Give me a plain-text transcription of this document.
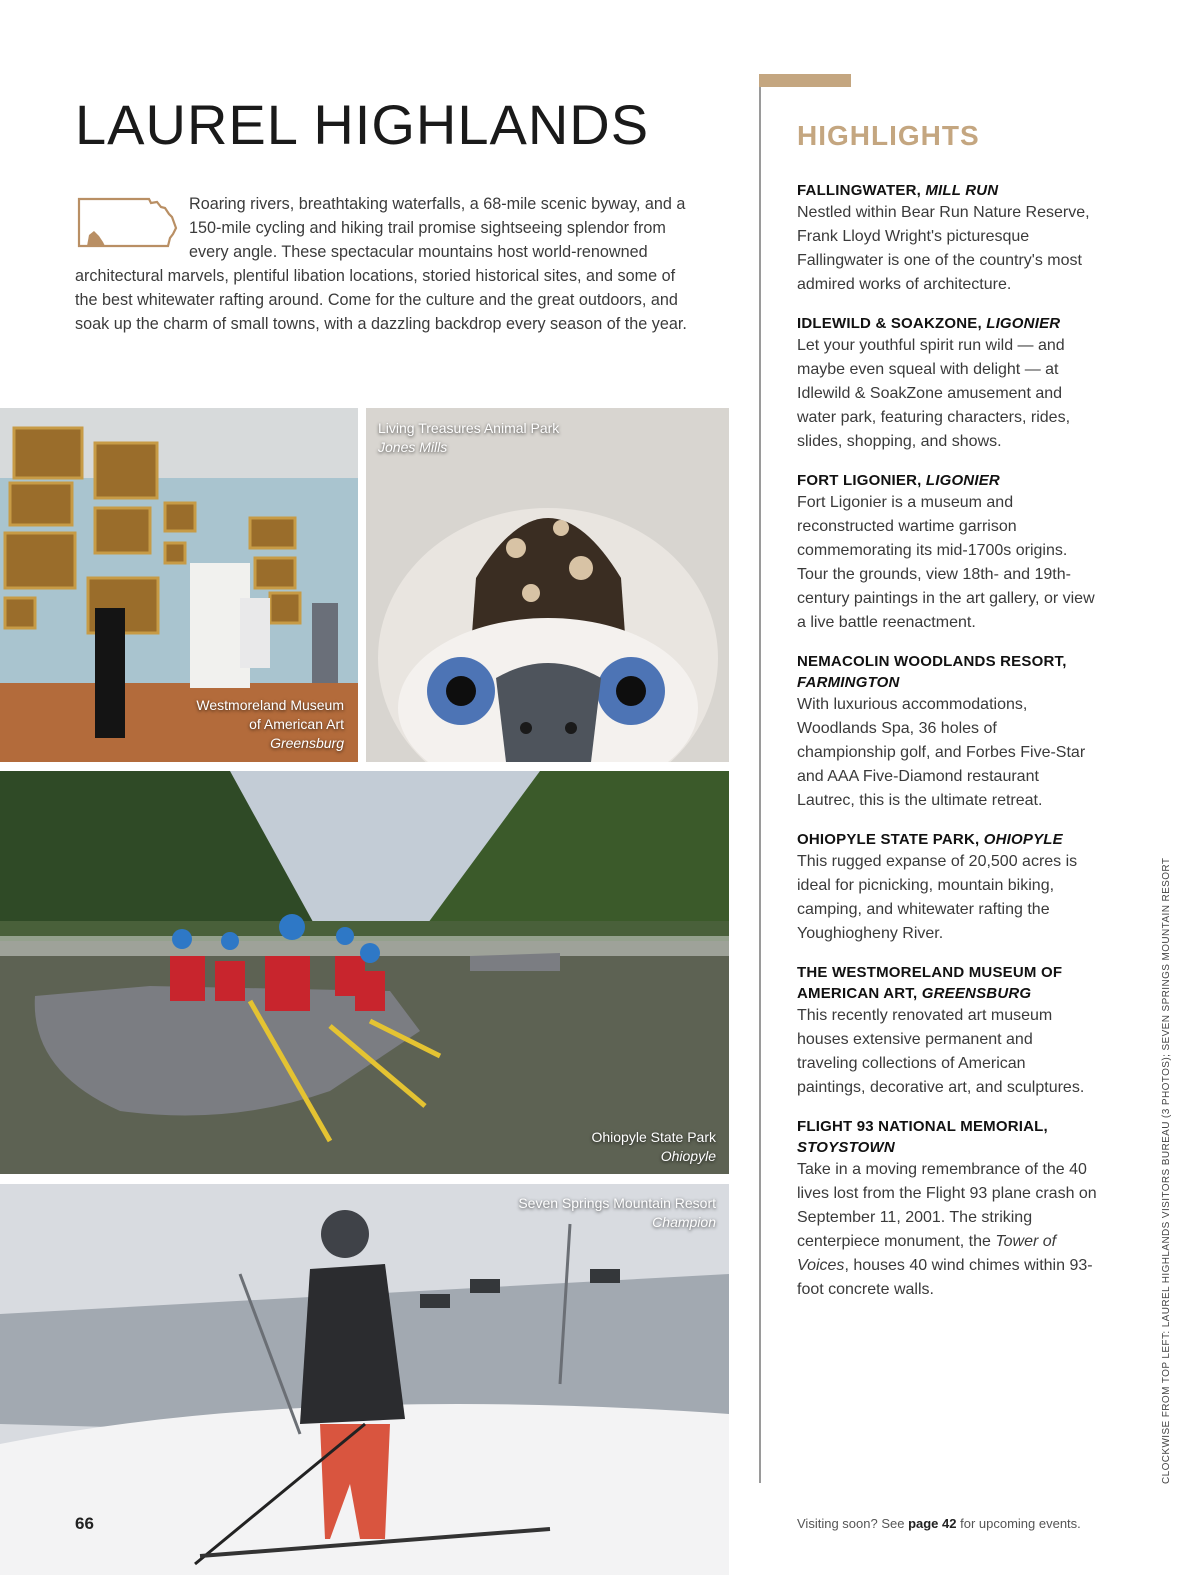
LAUREL HIGHLANDS

Roaring rivers, breathtaking waterfalls, a 68-mile scenic byway, and a 150-mile cycling and hiking trail promise sightseeing splendor from every angle. These spectacular mountains host world-renowned architectural marvels, plentiful libation locations, storied historical sites, and some of the best whitewater rafting around. Come for the culture and the great outdoors, and soak up the charm of small towns, with a dazzling backdrop every season of the year.

Westmoreland Museum
of American Art
Greensburg
Living Treasures Animal Park
Jones Mills
Ohiopyle State Park
Ohiopyle
Seven Springs Mountain Resort
Champion
HIGHLIGHTS
FALLINGWATER, MILL RUN
Nestled within Bear Run Nature Reserve, Frank Lloyd Wright's picturesque Fallingwater is one of the country's most admired works of architecture.
IDLEWILD & SOAKZONE, LIGONIER
Let your youthful spirit run wild — and maybe even squeal with delight — at Idlewild & SoakZone amusement and water park, featuring characters, rides, slides, shopping, and shows.
FORT LIGONIER, LIGONIER
Fort Ligonier is a museum and reconstructed wartime garrison commemorating its mid-1700s origins. Tour the grounds, view 18th- and 19th-century paintings in the art gallery, or view a live battle reenactment.
NEMACOLIN WOODLANDS RESORT, FARMINGTON
With luxurious accommodations, Woodlands Spa, 36 holes of championship golf, and Forbes Five-Star and AAA Five-Diamond restaurant Lautrec, this is the ultimate retreat.
OHIOPYLE STATE PARK, OHIOPYLE
This rugged expanse of 20,500 acres is ideal for picnicking, mountain biking, camping, and whitewater rafting the Youghiogheny River.
THE WESTMORELAND MUSEUM OF AMERICAN ART, GREENSBURG
This recently renovated art museum houses extensive permanent and traveling collections of American paintings, decorative art, and sculptures.
FLIGHT 93 NATIONAL MEMORIAL, STOYSTOWN
Take in a moving remembrance of the 40 lives lost from the Flight 93 plane crash on September 11, 2001. The striking centerpiece monument, the Tower of Voices, houses 40 wind chimes within 93-foot concrete walls.
66	Visiting soon? See page 42 for upcoming events.
CLOCKWISE FROM TOP LEFT: LAUREL HIGHLANDS VISITORS BUREAU (3 PHOTOS); SEVEN SPRINGS MOUNTAIN RESORT
